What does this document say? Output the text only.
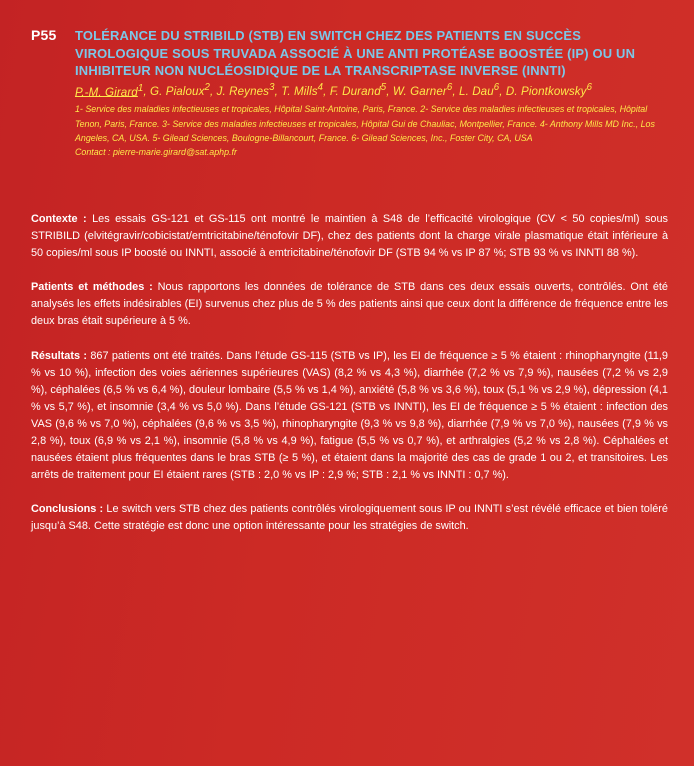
P55 TOLÉRANCE DU STRIBILD (STB) EN SWITCH CHEZ DES PATIENTS EN SUCCÈS VIROLOGIQUE SOUS TRUVADA ASSOCIÉ À UNE ANTI PROTÉASE BOOSTÉE (IP) OU UN INHIBITEUR NON NUCLÉOSIDIQUE DE LA TRANSCRIPTASE INVERSE (INNTI)
P.-M. Girard$^1$, G. Pialoux$^2$, J. Reynes$^3$, T. Mills$^4$, F. Durand$^5$, W. Garner$^6$, L. Dau$^6$, D. Piontkowsky$^6$
1- Service des maladies infectieuses et tropicales, Hôpital Saint-Antoine, Paris, France. 2- Service des maladies infectieuses et tropicales, Hôpital Tenon, Paris, France. 3- Service des maladies infectieuses et tropicales, Hôpital Gui de Chauliac, Montpellier, France. 4- Anthony Mills MD Inc., Los Angeles, CA, USA. 5- Gilead Sciences, Boulogne-Billancourt, France. 6- Gilead Sciences, Inc., Foster City, CA, USA
Contact : pierre-marie.girard@sat.aphp.fr

Contexte : Les essais GS-121 et GS-115 ont montré le maintien à S48 de l’efficacité virologique (CV < 50 copies/ml) sous STRIBILD (elvitégravir/cobicistat/emtricitabine/ténofovir DF), chez des patients dont la charge virale plasmatique était inférieure à 50 copies/ml sous IP boosté ou INNTI, associé à emtricitabine/ténofovir DF (STB 94 % vs IP 87 %; STB 93 % vs INNTI 88 %).

Patients et méthodes : Nous rapportons les données de tolérance de STB dans ces deux essais ouverts, contrôlés. Ont été analysés les effets indésirables (EI) survenus chez plus de 5 % des patients ainsi que ceux dont la différence de fréquence entre les deux bras était supérieure à 5 %.

Résultats : 867 patients ont été traités. Dans l’étude GS-115 (STB vs IP), les EI de fréquence ≥ 5 % étaient : rhinopharyngite (11,9 % vs 10 %), infection des voies aériennes supérieures (VAS) (8,2 % vs 4,3 %), diarrhée (7,2 % vs 7,9 %), nausées (7,2 % vs 2,9 %), céphalées (6,5 % vs 6,4 %), douleur lombaire (5,5 % vs 1,4 %), anxiété (5,8 % vs 3,6 %), toux (5,1 % vs 2,9 %), dépression (4,1 % vs 5,7 %), et insomnie (3,4 % vs 5,0 %). Dans l’étude GS-121 (STB vs INNTI), les EI de fréquence ≥ 5 % étaient : infection des VAS (9,6 % vs 7,0 %), céphalées (9,6 % vs 3,5 %), rhinopharyngite (9,3 % vs 9,8 %), diarrhée (7,9 % vs 7,0 %), nausées (7,9 % vs 2,8 %), toux (6,9 % vs 2,1 %), insomnie (5,8 % vs 4,9 %), fatigue (5,5 % vs 0,7 %), et arthralgies (5,2 % vs 2,8 %). Céphalées et nausées étaient plus fréquentes dans le bras STB (≥ 5 %), et étaient dans la majorité des cas de grade 1 ou 2, et transitoires. Les arrêts de traitement pour EI étaient rares (STB : 2,0 % vs IP : 2,9 %; STB : 2,1 % vs INNTI : 0,7 %).

Conclusions : Le switch vers STB chez des patients contrôlés virologiquement sous IP ou INNTI s’est révélé efficace et bien toléré jusqu’à S48. Cette stratégie est donc une option intéressante pour les stratégies de switch.
